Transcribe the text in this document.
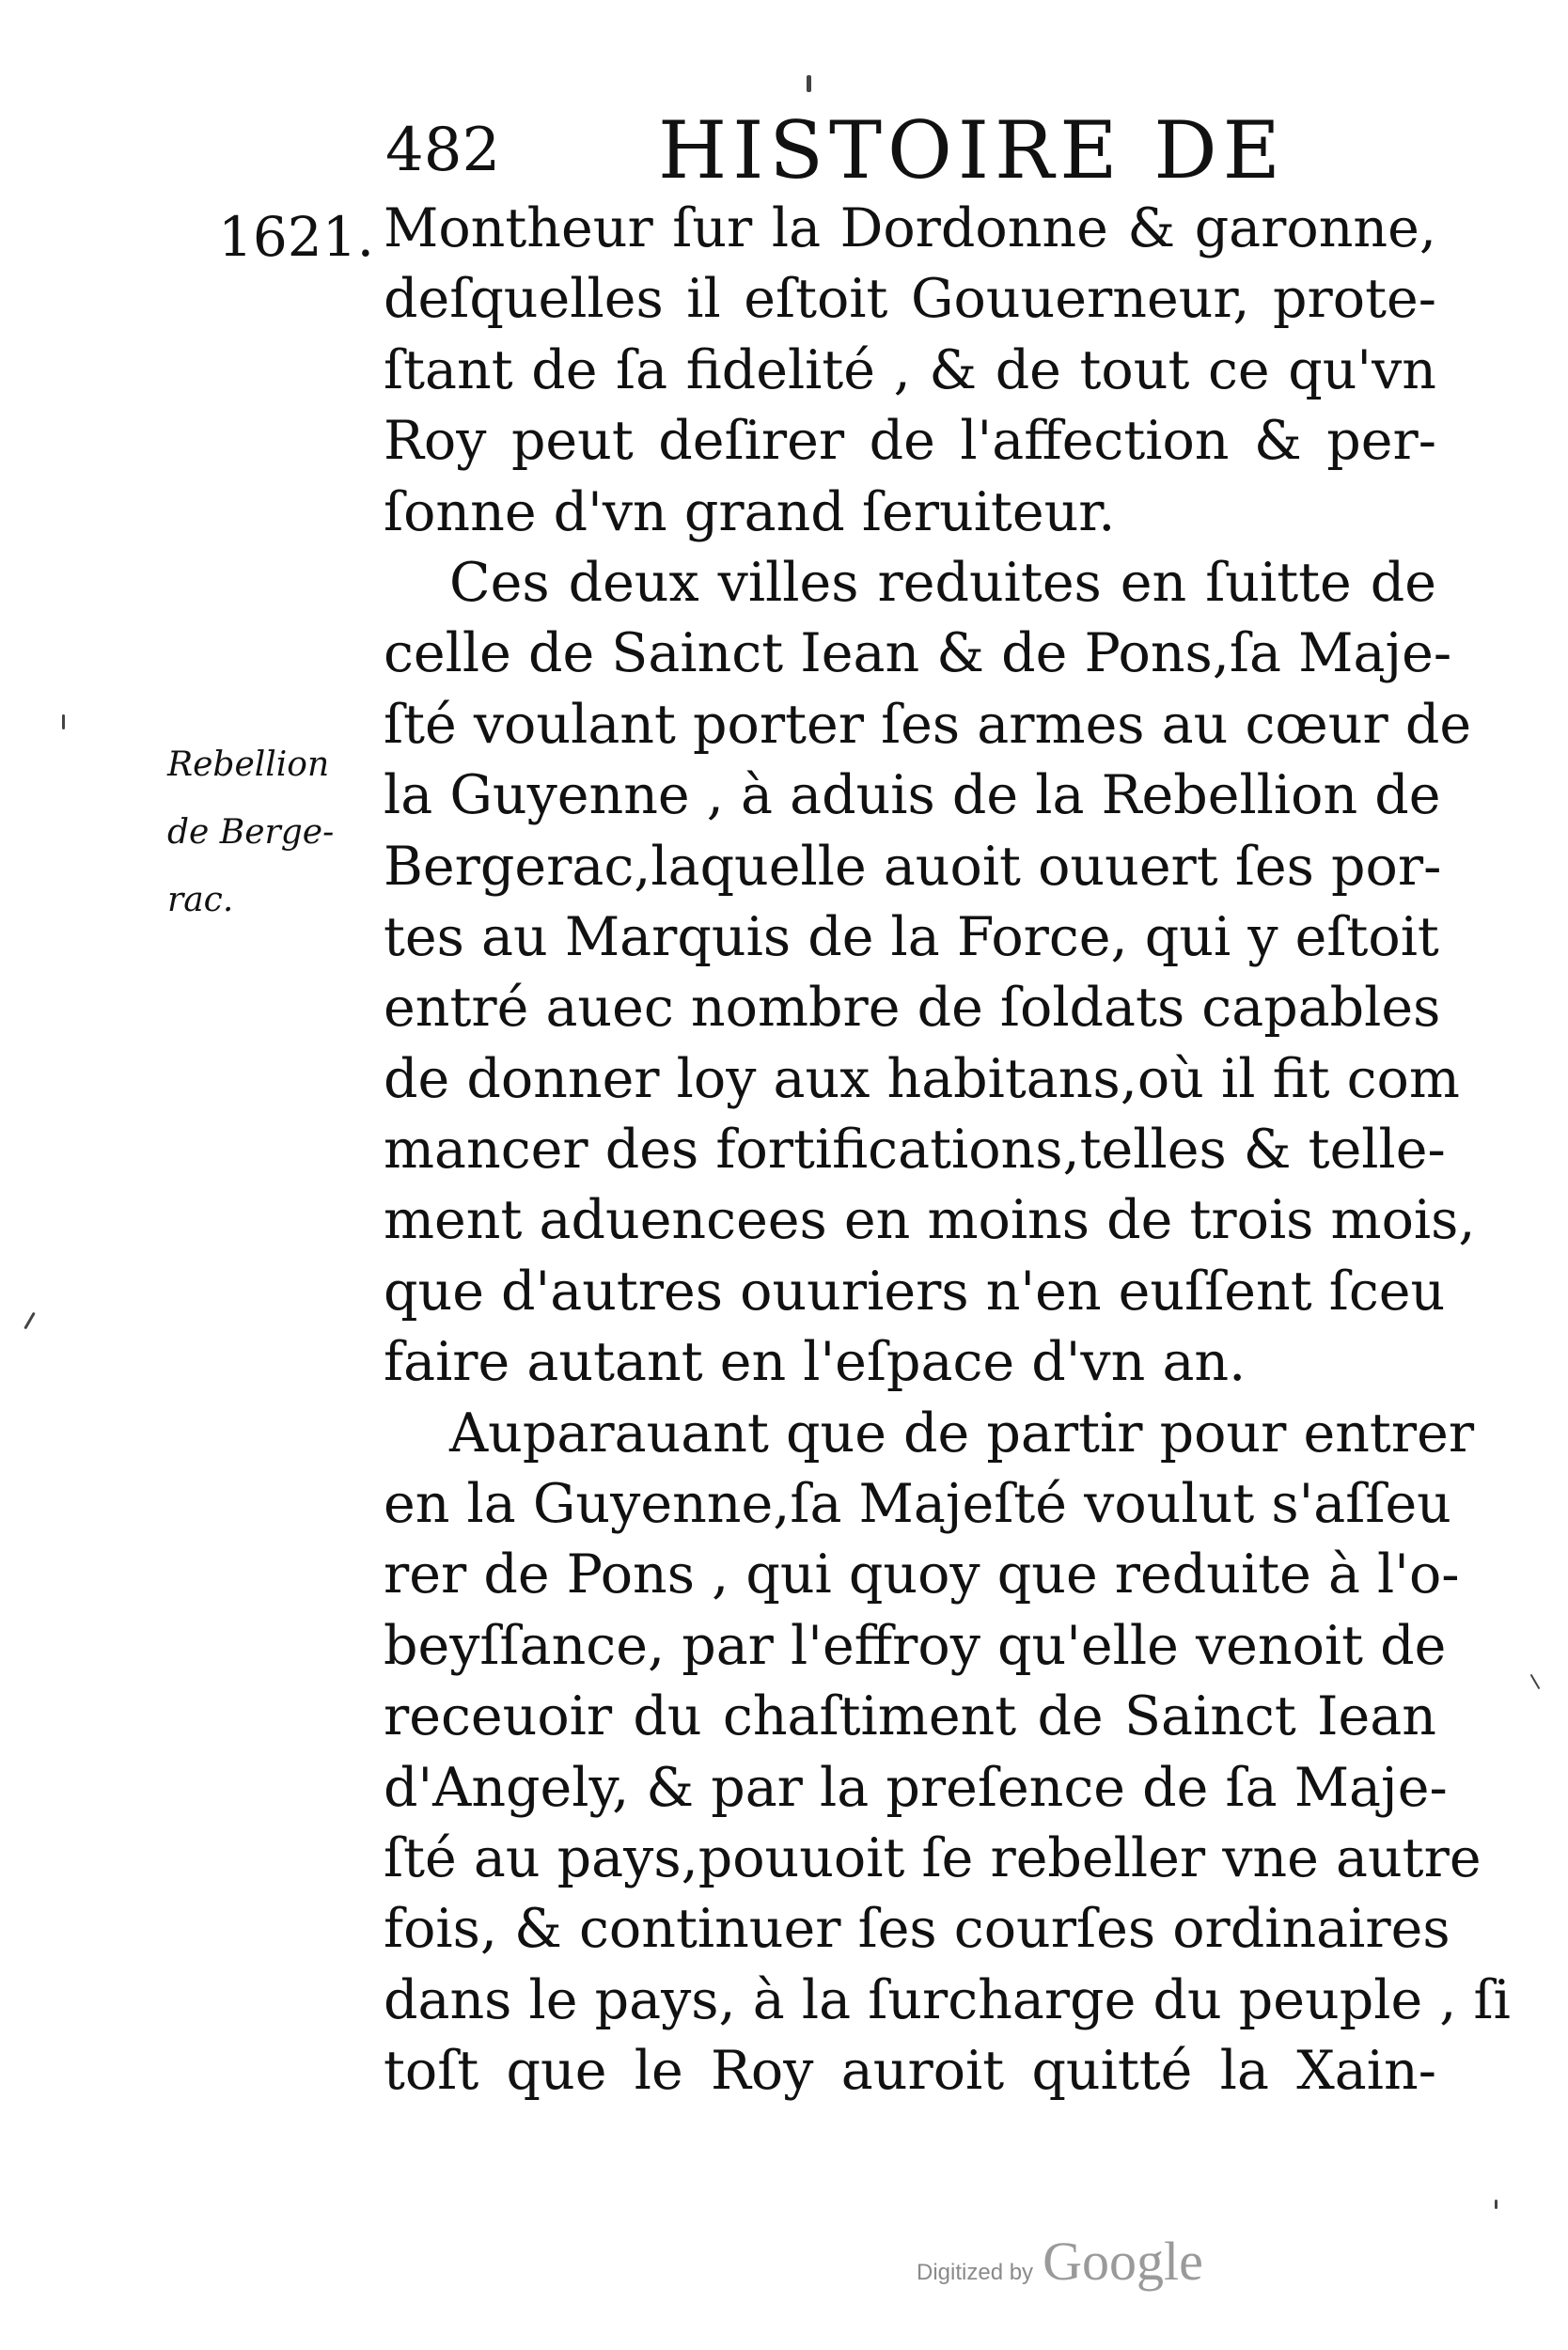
482 HISTOIRE DE
1621.
Rebellion
de Berge-
rac.
Montheur ſur la Dordonne & garonne,
deſquelles il eſtoit Gouuerneur, prote-
ſtant de ſa fidelité , & de tout ce qu'vn
Roy peut deſirer de l'affection & per-
ſonne d'vn grand ſeruiteur.
Ces deux villes reduites en ſuitte de
celle de Sainct Iean & de Pons,ſa Maje-
ſté voulant porter ſes armes au cœur de
la Guyenne , à aduis de la Rebellion de
Bergerac,laquelle auoit ouuert ſes por-
tes au Marquis de la Force, qui y eſtoit
entré auec nombre de ſoldats capables
de donner loy aux habitans,où il fit com
mancer des fortifications,telles & telle-
ment aduencees en moins de trois mois,
que d'autres ouuriers n'en euſſent ſceu
faire autant en l'eſpace d'vn an.
Auparauant que de partir pour entrer
en la Guyenne,ſa Majeſté voulut s'aſſeu
rer de Pons , qui quoy que reduite à l'o-
beyſſance, par l'effroy qu'elle venoit de
receuoir du chaſtiment de Sainct Iean
d'Angely, & par la preſence de ſa Maje-
ſté au pays,pouuoit ſe rebeller vne autre
fois, & continuer ſes courſes ordinaires
dans le pays, à la ſurcharge du peuple , ſi
toſt que le Roy auroit quitté la Xain-
Digitized by Google
